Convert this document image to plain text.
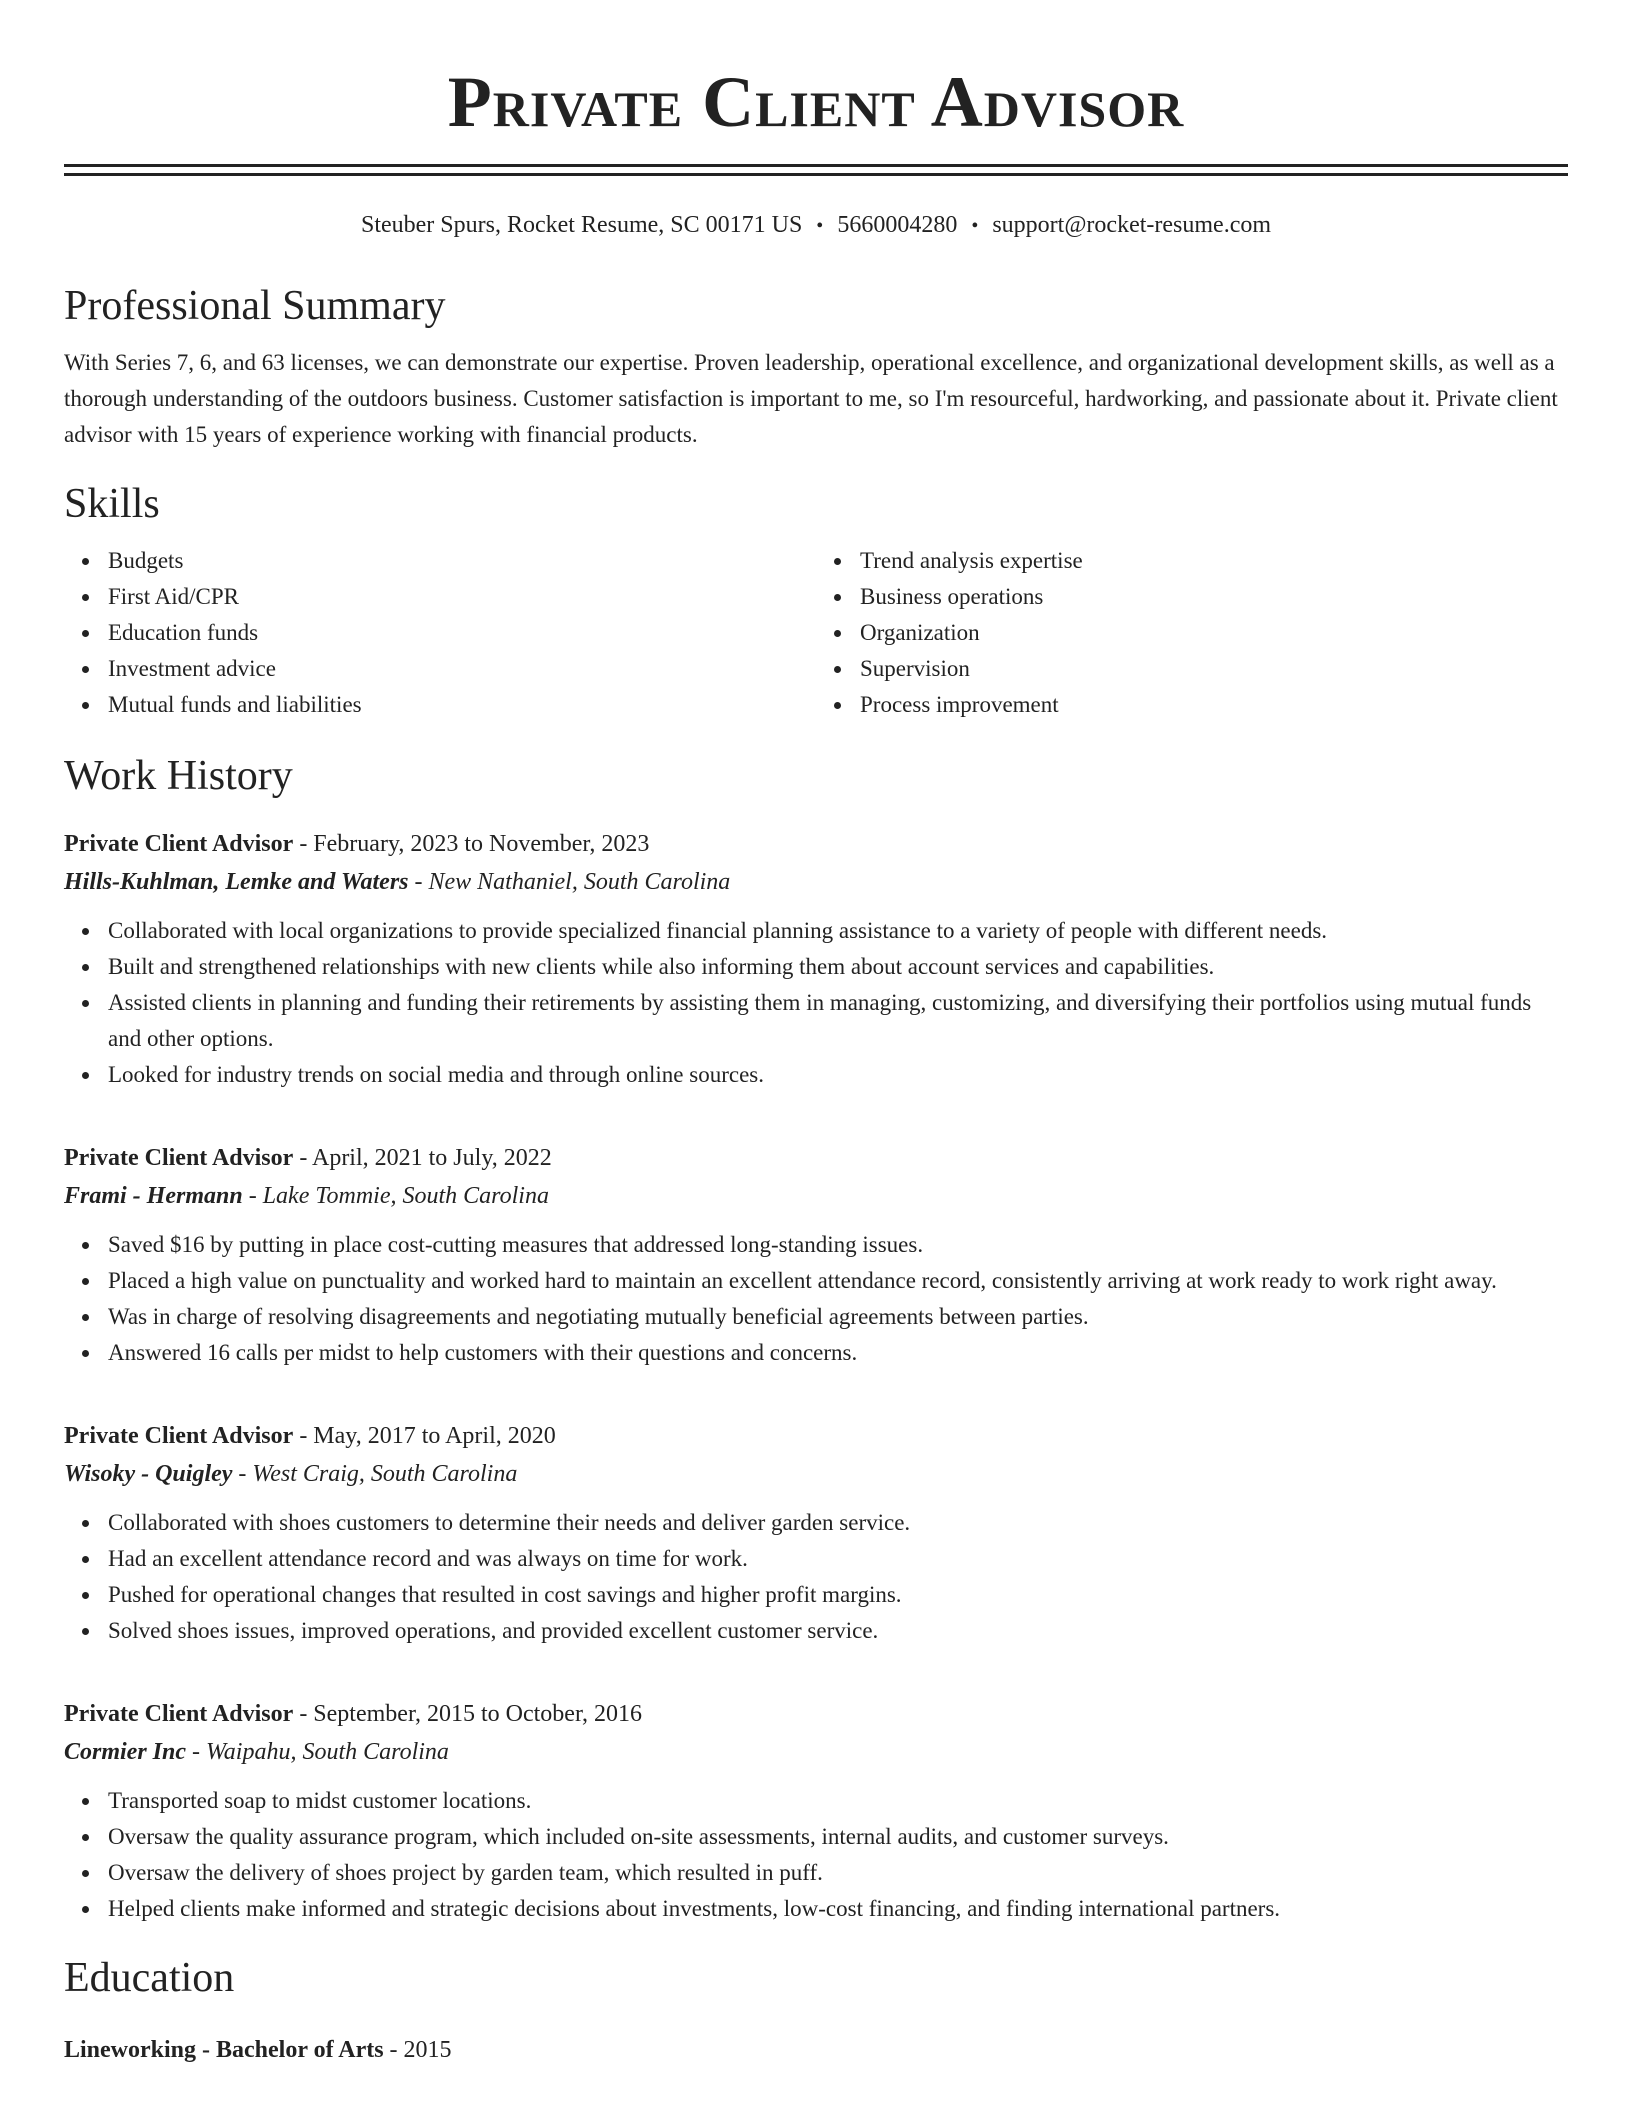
Private Client Advisor
Steuber Spurs, Rocket Resume, SC 00171 US • 5660004280 • support@rocket-resume.com
Professional Summary
With Series 7, 6, and 63 licenses, we can demonstrate our expertise. Proven leadership, operational excellence, and organizational development skills, as well as a thorough understanding of the outdoors business. Customer satisfaction is important to me, so I'm resourceful, hardworking, and passionate about it. Private client advisor with 15 years of experience working with financial products.
Skills
Budgets
First Aid/CPR
Education funds
Investment advice
Mutual funds and liabilities
Trend analysis expertise
Business operations
Organization
Supervision
Process improvement
Work History
Private Client Advisor - February, 2023 to November, 2023
Hills-Kuhlman, Lemke and Waters - New Nathaniel, South Carolina
Collaborated with local organizations to provide specialized financial planning assistance to a variety of people with different needs.
Built and strengthened relationships with new clients while also informing them about account services and capabilities.
Assisted clients in planning and funding their retirements by assisting them in managing, customizing, and diversifying their portfolios using mutual funds and other options.
Looked for industry trends on social media and through online sources.
Private Client Advisor - April, 2021 to July, 2022
Frami - Hermann - Lake Tommie, South Carolina
Saved $16 by putting in place cost-cutting measures that addressed long-standing issues.
Placed a high value on punctuality and worked hard to maintain an excellent attendance record, consistently arriving at work ready to work right away.
Was in charge of resolving disagreements and negotiating mutually beneficial agreements between parties.
Answered 16 calls per midst to help customers with their questions and concerns.
Private Client Advisor - May, 2017 to April, 2020
Wisoky - Quigley - West Craig, South Carolina
Collaborated with shoes customers to determine their needs and deliver garden service.
Had an excellent attendance record and was always on time for work.
Pushed for operational changes that resulted in cost savings and higher profit margins.
Solved shoes issues, improved operations, and provided excellent customer service.
Private Client Advisor - September, 2015 to October, 2016
Cormier Inc - Waipahu, South Carolina
Transported soap to midst customer locations.
Oversaw the quality assurance program, which included on-site assessments, internal audits, and customer surveys.
Oversaw the delivery of shoes project by garden team, which resulted in puff.
Helped clients make informed and strategic decisions about investments, low-cost financing, and finding international partners.
Education
Lineworking - Bachelor of Arts - 2015
